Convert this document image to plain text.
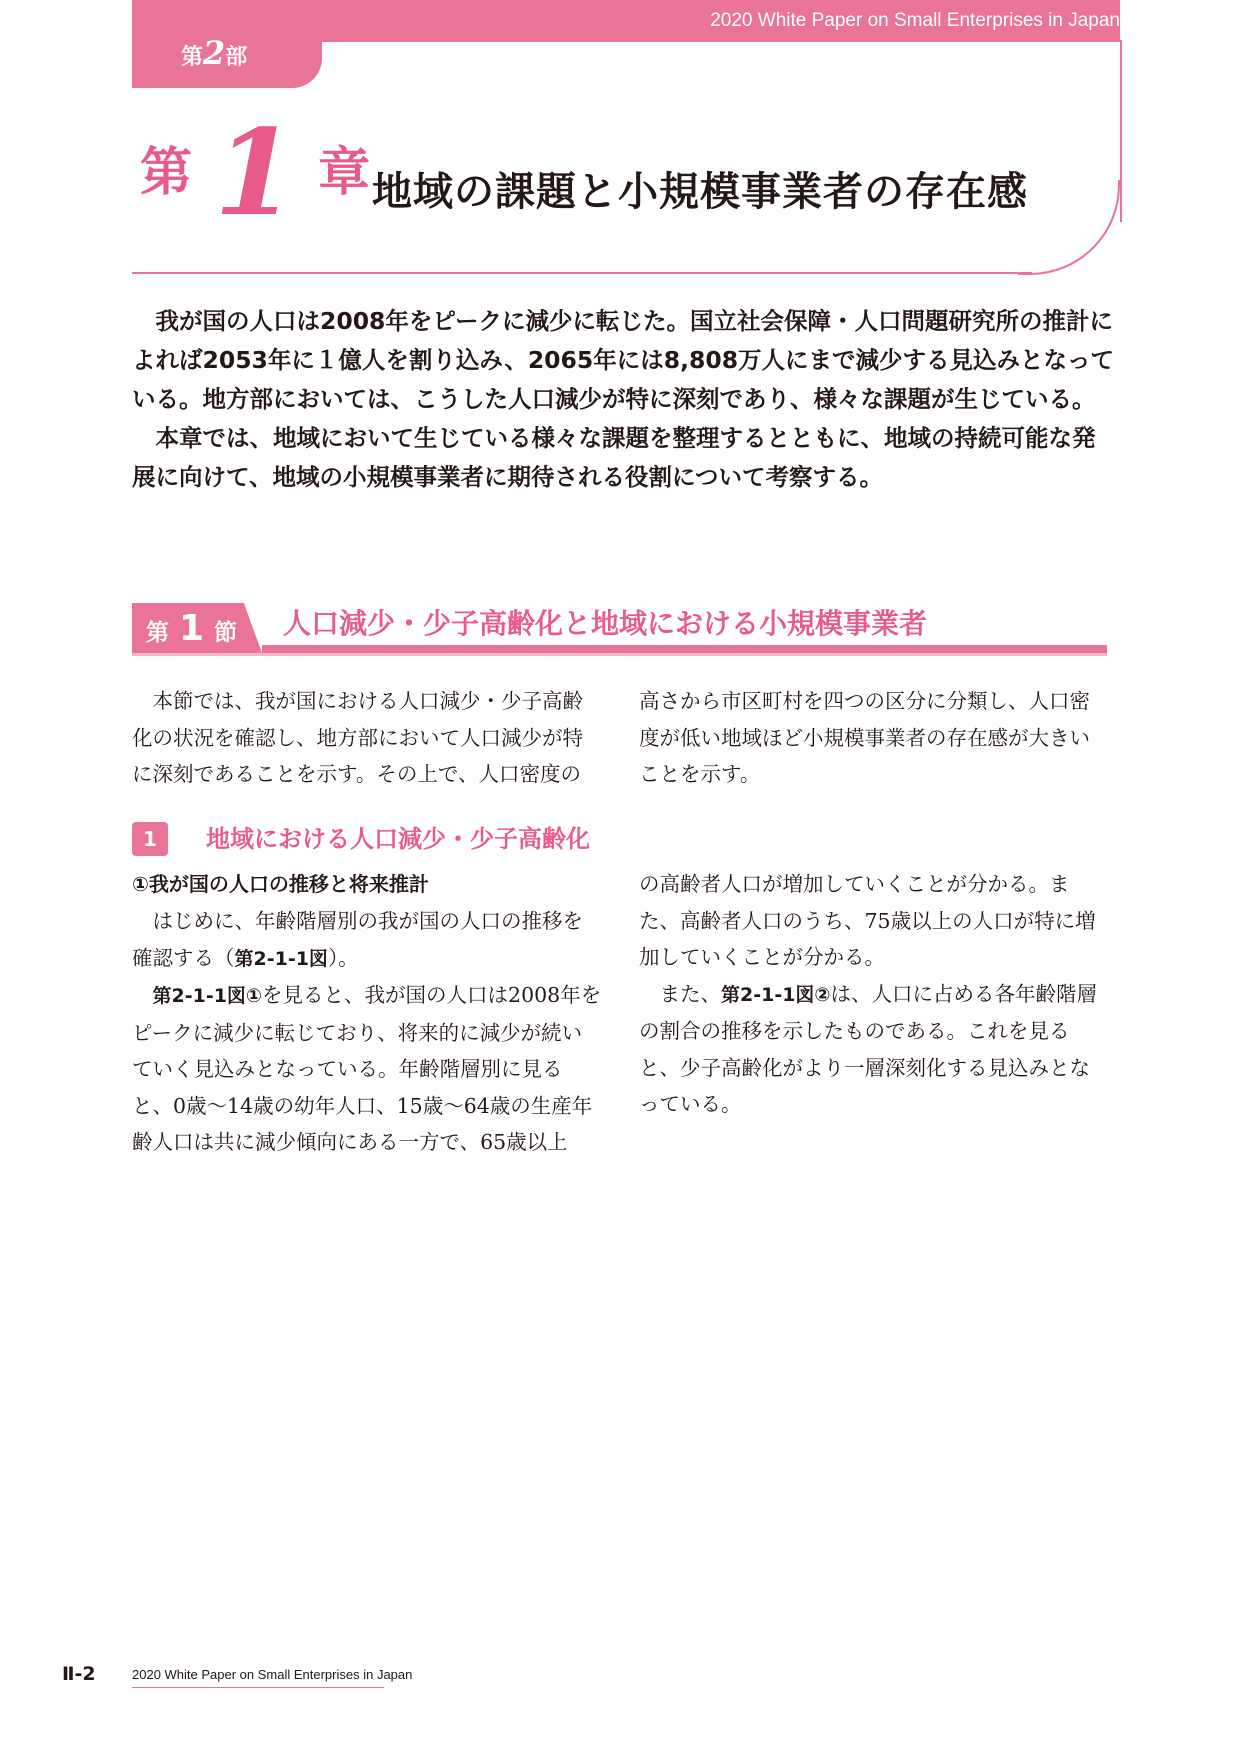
2020 White Paper on Small Enterprises in Japan
第2部
第 1 章 地域の課題と小規模事業者の存在感

我が国の人口は2008年をピークに減少に転じた。国立社会保障・人口問題研究所の推計によれば2053年に１億人を割り込み、2065年には8,808万人にまで減少する見込みとなっている。地方部においては、こうした人口減少が特に深刻であり、様々な課題が生じている。

本章では、地域において生じている様々な課題を整理するとともに、地域の持続可能な発展に向けて、地域の小規模事業者に期待される役割について考察する。

第 1 節 人口減少・少子高齢化と地域における小規模事業者

本節では、我が国における人口減少・少子高齢化の状況を確認し、地方部において人口減少が特に深刻であることを示す。その上で、人口密度の

高さから市区町村を四つの区分に分類し、人口密度が低い地域ほど小規模事業者の存在感が大きいことを示す。

1	地域における人口減少・少子高齢化
①我が国の人口の推移と将来推計

はじめに、年齢階層別の我が国の人口の推移を確認する（第2-1-1図）。

第2-1-1図①を見ると、我が国の人口は2008年をピークに減少に転じており、将来的に減少が続いていく見込みとなっている。年齢階層別に見ると、0歳〜14歳の幼年人口、15歳〜64歳の生産年齢人口は共に減少傾向にある一方で、65歳以上

の高齢者人口が増加していくことが分かる。また、高齢者人口のうち、75歳以上の人口が特に増加していくことが分かる。

また、第2-1-1図②は、人口に占める各年齢階層の割合の推移を示したものである。これを見ると、少子高齢化がより一層深刻化する見込みとなっている。

Ⅱ-2	2020 White Paper on Small Enterprises in Japan
